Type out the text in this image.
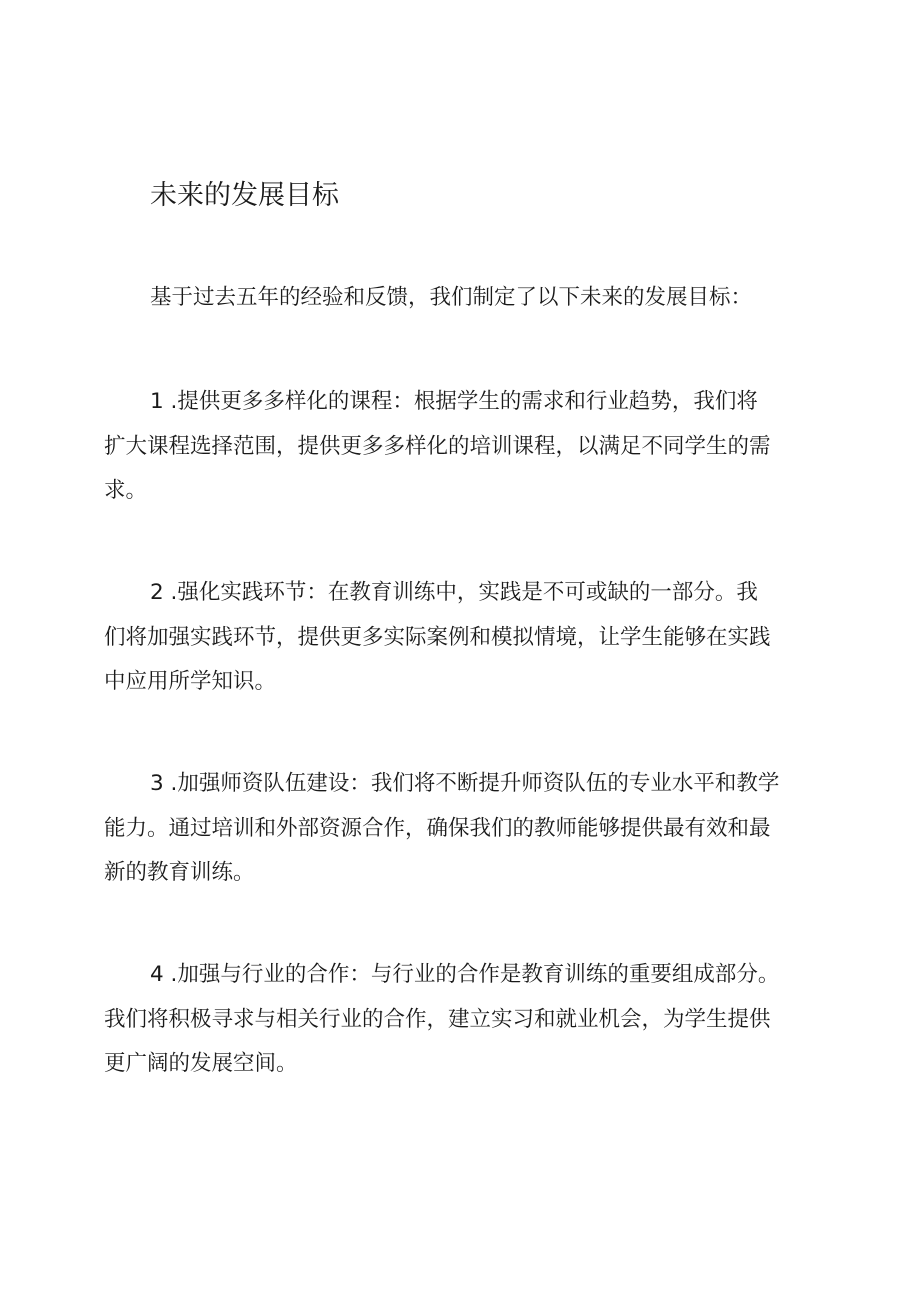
未来的发展目标

基于过去五年的经验和反馈，我们制定了以下未来的发展目标：

1 .提供更多多样化的课程：根据学生的需求和行业趋势，我们将
扩大课程选择范围，提供更多多样化的培训课程，以满足不同学生的需
求。
2 .强化实践环节：在教育训练中，实践是不可或缺的一部分。我
们将加强实践环节，提供更多实际案例和模拟情境，让学生能够在实践
中应用所学知识。
3 .加强师资队伍建设：我们将不断提升师资队伍的专业水平和教学
能力。通过培训和外部资源合作，确保我们的教师能够提供最有效和最
新的教育训练。
4 .加强与行业的合作：与行业的合作是教育训练的重要组成部分。
我们将积极寻求与相关行业的合作，建立实习和就业机会，为学生提供
更广阔的发展空间。
